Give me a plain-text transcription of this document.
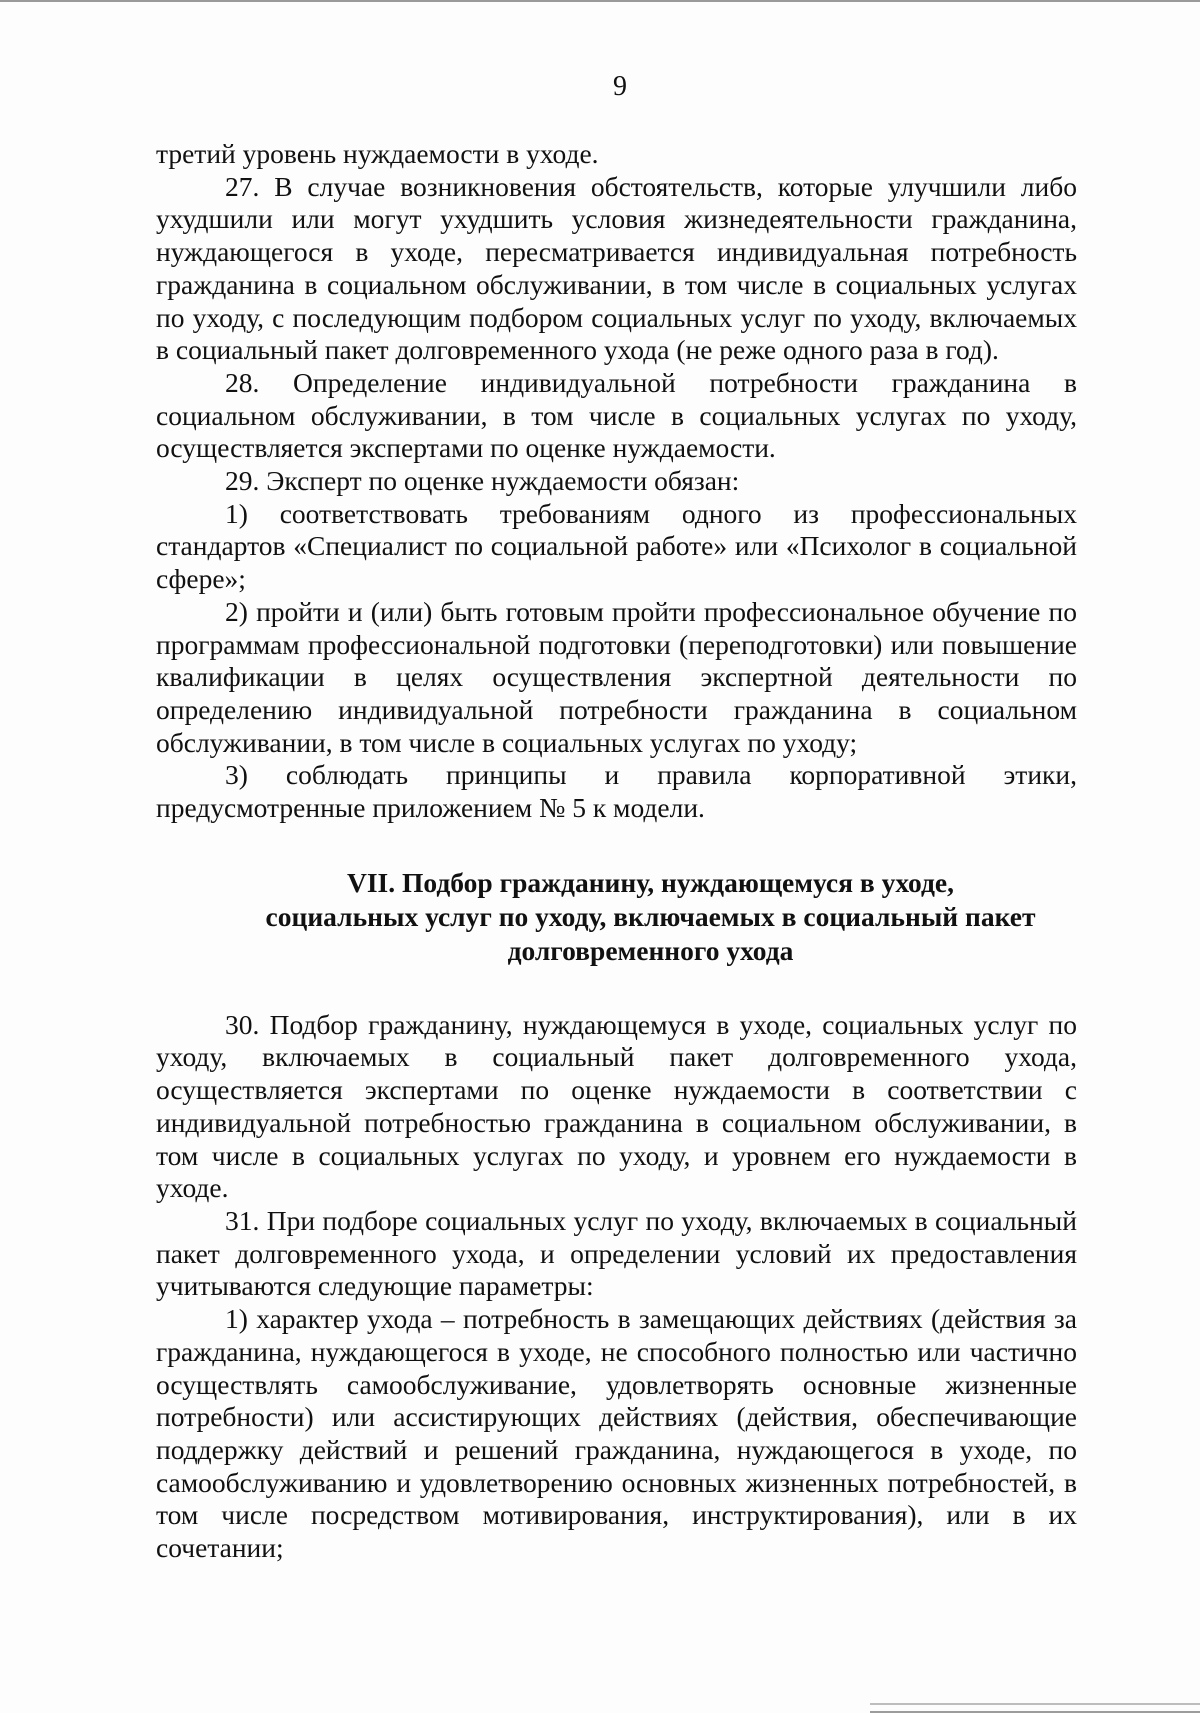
9

третий уровень нуждаемости в уходе.

27. В случае возникновения обстоятельств, которые улучшили либо ухудшили или могут ухудшить условия жизнедеятельности гражданина, нуждающегося в уходе, пересматривается индивидуальная потребность гражданина в социальном обслуживании, в том числе в социальных услугах по уходу, с последующим подбором социальных услуг по уходу, включаемых в социальный пакет долговременного ухода (не реже одного раза в год).

28. Определение индивидуальной потребности гражданина в социальном обслуживании, в том числе в социальных услугах по уходу, осуществляется экспертами по оценке нуждаемости.

29. Эксперт по оценке нуждаемости обязан:

1) соответствовать требованиям одного из профессиональных стандартов «Специалист по социальной работе» или «Психолог в социальной сфере»;

2) пройти и (или) быть готовым пройти профессиональное обучение по программам профессиональной подготовки (переподготовки) или повышение квалификации в целях осуществления экспертной деятельности по определению индивидуальной потребности гражданина в социальном обслуживании, в том числе в социальных услугах по уходу;

3) соблюдать принципы и правила корпоративной этики, предусмотренные приложением № 5 к модели.

VII. Подбор гражданину, нуждающемуся в уходе,
социальных услуг по уходу, включаемых в социальный пакет
долговременного ухода

30. Подбор гражданину, нуждающемуся в уходе, социальных услуг по уходу, включаемых в социальный пакет долговременного ухода, осуществляется экспертами по оценке нуждаемости в соответствии с индивидуальной потребностью гражданина в социальном обслуживании, в том числе в социальных услугах по уходу, и уровнем его нуждаемости в уходе.

31. При подборе социальных услуг по уходу, включаемых в социальный пакет долговременного ухода, и определении условий их предоставления учитываются следующие параметры:

1) характер ухода – потребность в замещающих действиях (действия за гражданина, нуждающегося в уходе, не способного полностью или частично осуществлять самообслуживание, удовлетворять основные жизненные потребности) или ассистирующих действиях (действия, обеспечивающие поддержку действий и решений гражданина, нуждающегося в уходе, по самообслуживанию и удовлетворению основных жизненных потребностей, в том числе посредством мотивирования, инструктирования), или в их сочетании;
